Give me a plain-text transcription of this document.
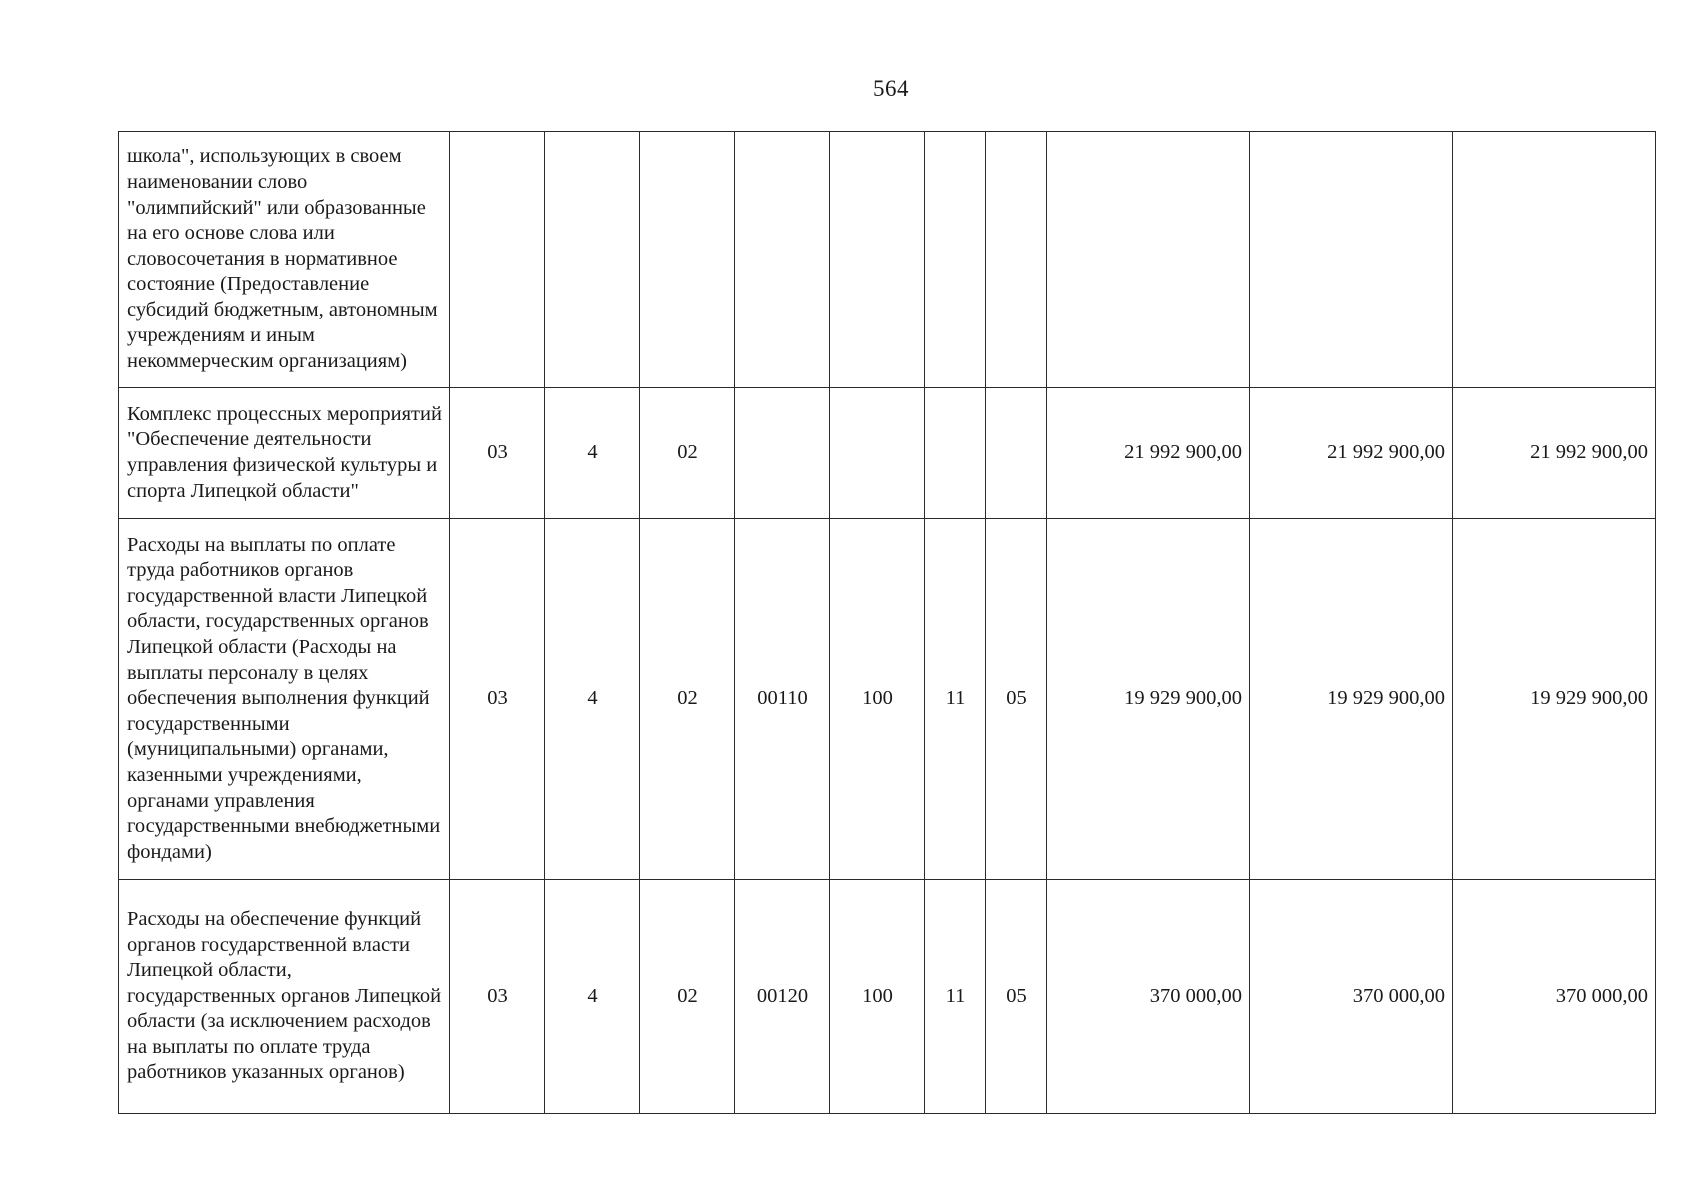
564
школа", использующих в своем наименовании слово "олимпийский" или образованные на его основе слова или словосочетания в нормативное состояние (Предоставление субсидий бюджетным, автономным учреждениям и иным некоммерческим организациям)										
Комплекс процессных мероприятий "Обеспечение деятельности управления физической культуры и спорта Липецкой области"	03	4	02					21 992 900,00	21 992 900,00	21 992 900,00
Расходы на выплаты по оплате труда работников органов государственной власти Липецкой области, государственных органов Липецкой области (Расходы на выплаты персоналу в целях обеспечения выполнения функций государственными (муниципальными) органами, казенными учреждениями, органами управления государственными внебюджетными фондами)	03	4	02	00110	100	11	05	19 929 900,00	19 929 900,00	19 929 900,00
Расходы на обеспечение функций органов государственной власти Липецкой области, государственных органов Липецкой области (за исключением расходов на выплаты по оплате труда работников указанных органов)	03	4	02	00120	100	11	05	370 000,00	370 000,00	370 000,00
